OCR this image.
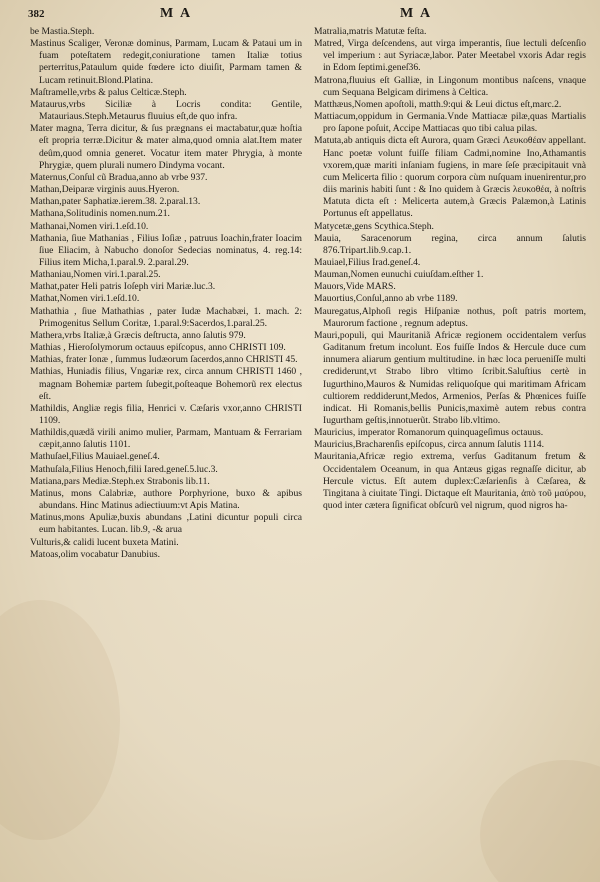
382	M A	M A

be Mastia.Steph.

Mastinus Scaliger, Veronæ dominus, Parmam, Lucam & Pataui um in fuam poteſtatem redegit,coniuratione tamen Italiæ totius perterritus,Pataulum quide fœdere icto diuiſit, Parmam tamen & Lucam retinuit.Blond.Platina.

Maſtramelle,vrbs & palus Celticæ.Steph.

Mataurus,vrbs Siciliæ à Locris condita: Gentile, Matauriaus.Steph.Metaurus fluuius eſt,de quo infra.

Mater magna, Terra dicitur, & ſus prægnans ei mactabatur,quæ hoſtia eſt propria terræ.Dicitur & mater alma,quod omnia alat.Item mater deûm,quod omnia generet. Vocatur item mater Phrygia, à monte Phrygiæ, quem plurali numero Dindyma vocant.

Maternus,Conſul cũ Bradua,anno ab vrbe 937.

Mathan,Deiparæ virginis auus.Hyeron.

Mathan,pater Saphatiæ.ierem.38. 2.paral.13.

Mathana,Solitudinis nomen.num.21.

Mathanai,Nomen viri.1.eſd.10.

Mathania, ſiue Mathanias , Filius Ioſiæ , patruus Ioachin,frater Ioacim ſiue Eliacim, à Nabucho donoſor Sedecias nominatus, 4. reg.14: Filius item Micha,1.paral.9. 2.paral.29.

Mathaniau,Nomen viri.1.paral.25.

Mathat,pater Heli patris Ioſeph viri Mariæ.luc.3.

Mathat,Nomen viri.1.eſd.10.

Mathathia , ſiue Mathathias , pater Iudæ Machabæi, 1. mach. 2: Primogenitus Sellum Coritæ, 1.paral.9:Sacerdos,1.paral.25.

Mathera,vrbs Italiæ,à Græcis deſtructa, anno ſalutis 979.

Mathias , Hieroſolymorum octauus epiſcopus, anno CHRISTI 109.

Mathias, frater Ionæ , ſummus Iudæorum ſacerdos,anno CHRISTI 45.

Mathias, Huniadis filius, Vngariæ rex, circa annum CHRISTI 1460 , magnam Bohemiæ partem ſubegit,poſteaque Bohemorũ rex electus eſt.

Mathildis, Angliæ regis filia, Henrici v. Cæſaris vxor,anno CHRISTI 1109.

Mathildis,quædã virili animo mulier, Parmam, Mantuam & Ferrariam cæpit,anno ſalutis 1101.

Mathuſael,Filius Mauiael.geneſ.4.

Mathuſala,Filius Henoch,filii Iared.geneſ.5.luc.3.

Matiana,pars Mediæ.Steph.ex Strabonis lib.11.

Matinus, mons Calabriæ, authore Porphyrione, buxo & apibus abundans. Hinc Matinus adiectiuum:vt Apis Matina.

Matinus,mons Apuliæ,buxis abundans ,Latini dicuntur populi circa eum habitantes. Lucan. lib.9, -& arua

Vulturis,& calidi lucent buxeta Matini.

Matoas,olim vocabatur Danubius.

Matralia,matris Matutæ feſta.

Matred, Virga deſcendens, aut virga imperantis, ſiue lectuli deſcenſio vel imperium : aut Syriacæ,labor. Pater Meetabel vxoris Adar regis in Edom ſeptimi.geneſ36.

Matrona,fluuius eſt Galliæ, in Lingonum montibus naſcens, vnaque cum Sequana Belgicam dirimens à Celtica.

Matthæus,Nomen apoſtoli, matth.9:qui & Leui dictus eſt,marc.2.

Mattiacum,oppidum in Germania.Vnde Mattiacæ pilæ,quas Martialis pro ſapone poſuit, Accipe Mattiacas quo tibi calua pilas.

Matuta,ab antiquis dicta eſt Aurora, quam Græci Λευκοθέαν appellant. Hanc poetæ volunt fuiſſe filiam Cadmi,nomine Ino,Athamantis vxorem,quæ mariti inſaniam fugiens, in mare ſeſe præcipitauit vnà cum Melicerta filio : quorum corpora cùm nuſquam inuenirentur,pro diis marinis habiti ſunt : & Ino quidem à Græcis λευκοθέα, à noſtris Matuta dicta eſt : Melicerta autem,à Græcis Palæmon,à Latinis Portunus eſt appellatus.

Matycetæ,gens Scythica.Steph.

Mauia, Saracenorum regina, circa annum ſalutis 876.Tripart.lib.9.cap.1.

Mauiael,Filius Irad.geneſ.4.

Mauman,Nomen eunuchi cuiuſdam.eſther 1.

Mauors,Vide MARS.

Mauortius,Conſul,anno ab vrbe 1189.

Mauregatus,Alphoſi regis Hiſpaniæ nothus, poſt patris mortem, Maurorum factione , regnum adeptus.

Mauri,populi, qui Mauritaniã Africæ regionem occidentalem verſus Gaditanum fretum incolunt. Eos fuiſſe Indos & Hercule duce cum innumera aliarum gentium multitudine. in hæc loca perueniſſe multi crediderunt,vt Strabo libro vltimo ſcribit.Saluſtius certè in Iugurthino,Mauros & Numidas reliquoſque qui maritimam Africam cultiorem reddiderunt,Medos, Armenios, Perſas & Phœnices fuiſſe indicat. Hi Romanis,bellis Punicis,maximè autem rebus contra Iugurtham geſtis,innotuerũt. Strabo lib.vltimo.

Mauricius, imperator Romanorum quinquageſimus octauus.

Mauricius,Bracharenſis epiſcopus, circa annum ſalutis 1114.

Mauritania,Africæ regio extrema, verſus Gaditanum fretum & Occidentalem Oceanum, in qua Antæus gigas regnaſſe dicitur, ab Hercule victus. Eſt autem duplex:Cæſarienſis à Cæſarea, & Tingitana à ciuitate Tingi. Dictaque eſt Mauritania, ἀπὸ τοῦ μαύρου, quod inter cætera ſignificat obſcurũ vel nigrum, quod nigros ha-
